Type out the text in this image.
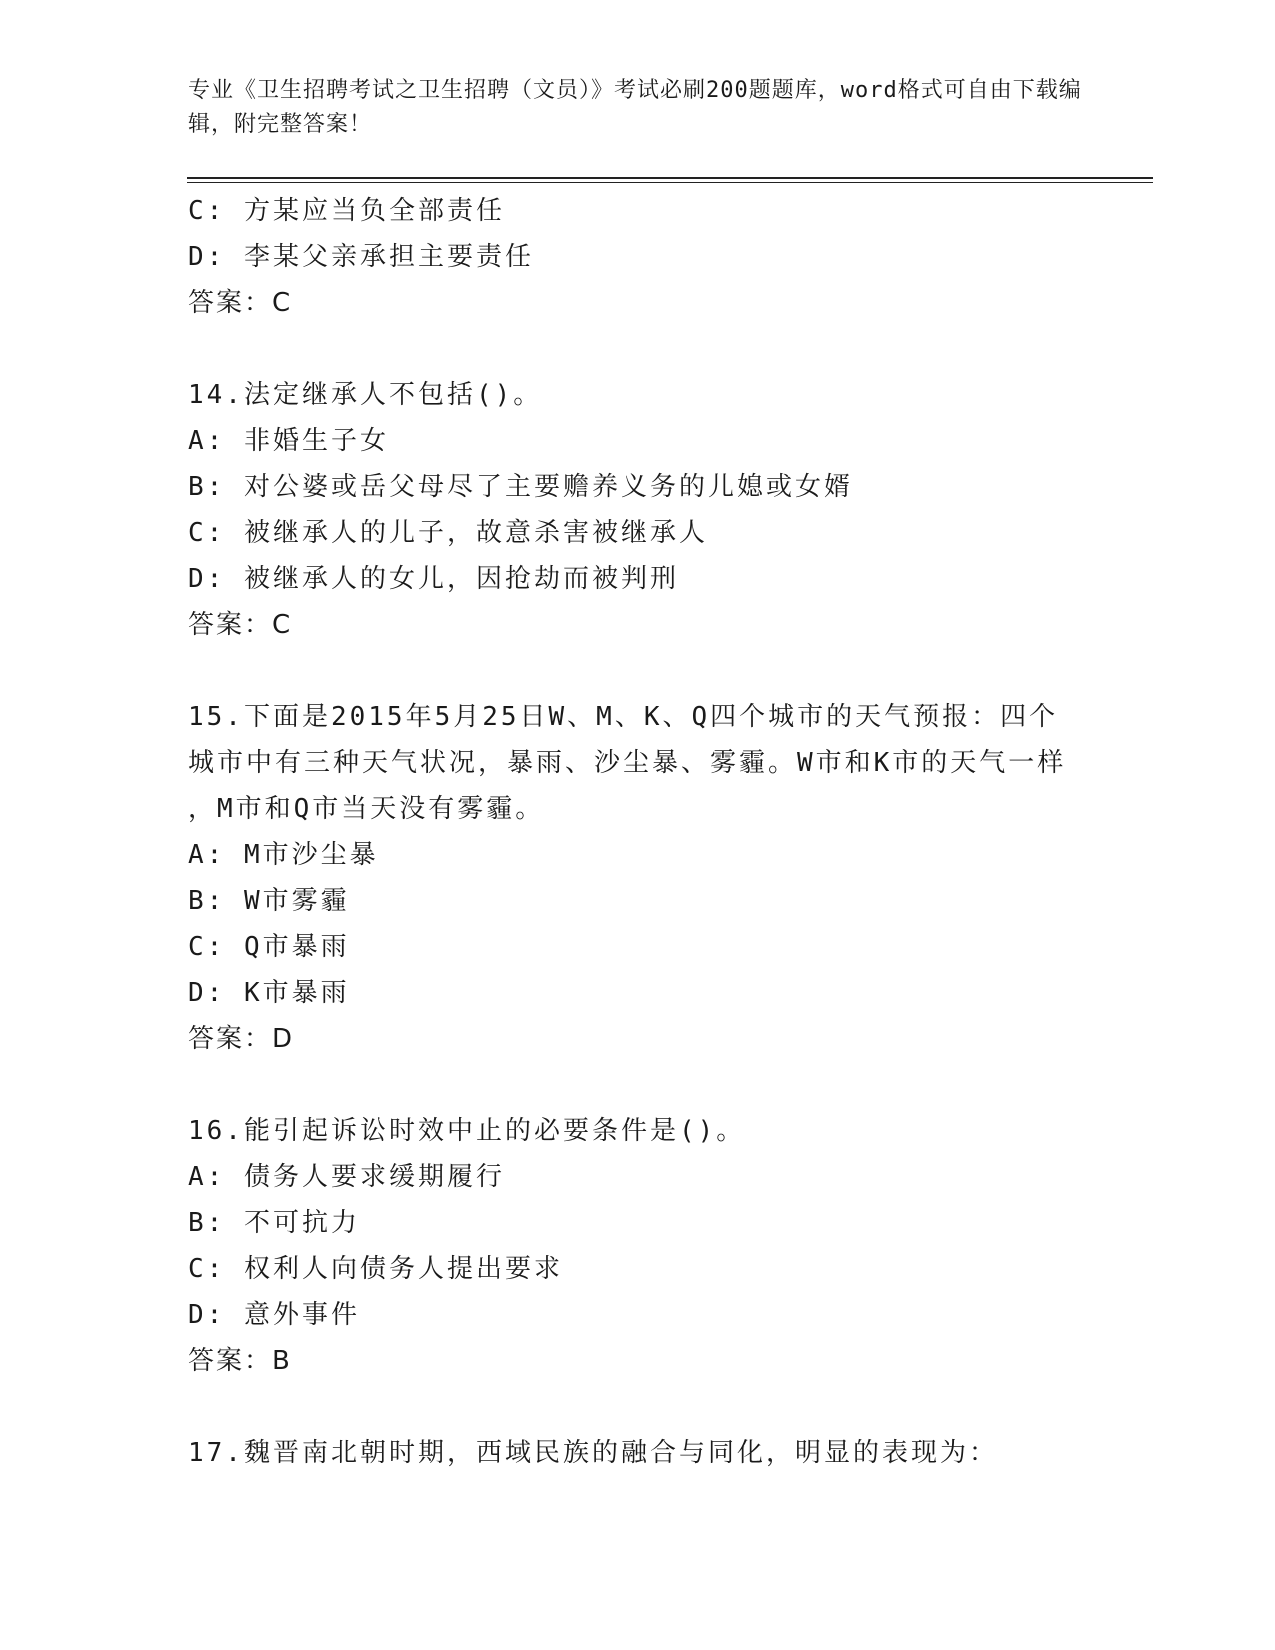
专业《卫生招聘考试之卫生招聘（文员）》考试必刷200题题库，word格式可自由下载编辑，附完整答案！
C: 方某应当负全部责任
D: 李某父亲承担主要责任
答案：C
14.法定继承人不包括()。
A: 非婚生子女
B: 对公婆或岳父母尽了主要赡养义务的儿媳或女婿
C: 被继承人的儿子，故意杀害被继承人
D: 被继承人的女儿，因抢劫而被判刑
答案：C
15.下面是2015年5月25日W、M、K、Q四个城市的天气预报：四个
城市中有三种天气状况，暴雨、沙尘暴、雾霾。W市和K市的天气一样
，M市和Q市当天没有雾霾。
A: M市沙尘暴
B: W市雾霾
C: Q市暴雨
D: K市暴雨
答案：D
16.能引起诉讼时效中止的必要条件是()。
A: 债务人要求缓期履行
B: 不可抗力
C: 权利人向债务人提出要求
D: 意外事件
答案：B
17.魏晋南北朝时期，西域民族的融合与同化，明显的表现为：
